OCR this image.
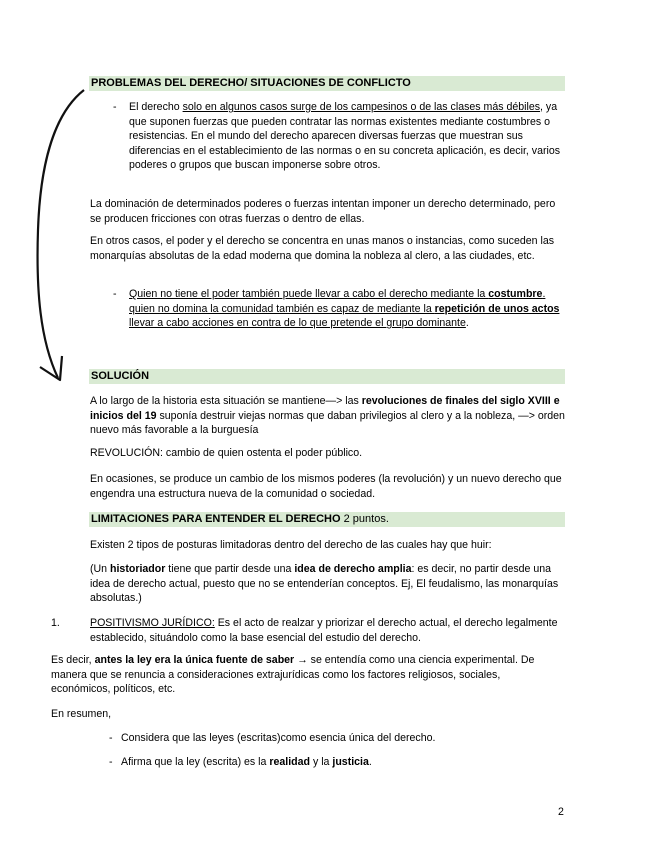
PROBLEMAS DEL DERECHO/ SITUACIONES DE CONFLICTO
- El derecho solo en algunos casos surge de los campesinos o de las clases más débiles, ya que suponen fuerzas que pueden contratar las normas existentes mediante costumbres o resistencias. En el mundo del derecho aparecen diversas fuerzas que muestran sus diferencias en el establecimiento de las normas o en su concreta aplicación, es decir, varios poderes o grupos que buscan imponerse sobre otros.

La dominación de determinados poderes o fuerzas intentan imponer un derecho determinado, pero se producen fricciones con otras fuerzas o dentro de ellas.

En otros casos, el poder y el derecho se concentra en unas manos o instancias, como suceden las monarquías absolutas de la edad moderna que domina la nobleza al clero, a las ciudades, etc.

- Quien no tiene el poder también puede llevar a cabo el derecho mediante la costumbre. quien no domina la comunidad también es capaz de mediante la repetición de unos actos llevar a cabo acciones en contra de lo que pretende el grupo dominante.

SOLUCIÓN

A lo largo de la historia esta situación se mantiene—> las revoluciones de finales del siglo XVIII e inicios del 19 suponía destruir viejas normas que daban privilegios al clero y a la nobleza, —> orden nuevo más favorable a la burguesía

REVOLUCIÓN: cambio de quien ostenta el poder público.

En ocasiones, se produce un cambio de los mismos poderes (la revolución) y un nuevo derecho que engendra una estructura nueva de la comunidad o sociedad.

LIMITACIONES PARA ENTENDER EL DERECHO 2 puntos.

Existen 2 tipos de posturas limitadoras dentro del derecho de las cuales hay que huir:

(Un historiador tiene que partir desde una idea de derecho amplia: es decir, no partir desde una idea de derecho actual, puesto que no se entenderían conceptos. Ej, El feudalismo, las monarquías absolutas.)

1.	POSITIVISMO JURÍDICO: Es el acto de realzar y priorizar el derecho actual, el derecho legalmente establecido, situándolo como la base esencial del estudio del derecho.

Es decir, antes la ley era la única fuente de saber → se entendía como una ciencia experimental. De manera que se renuncia a consideraciones extrajurídicas como los factores religiosos, sociales, económicos, políticos, etc.

En resumen,

- Considera que las leyes (escritas)como esencia única del derecho.

- Afirma que la ley (escrita) es la realidad y la justicia.

2
